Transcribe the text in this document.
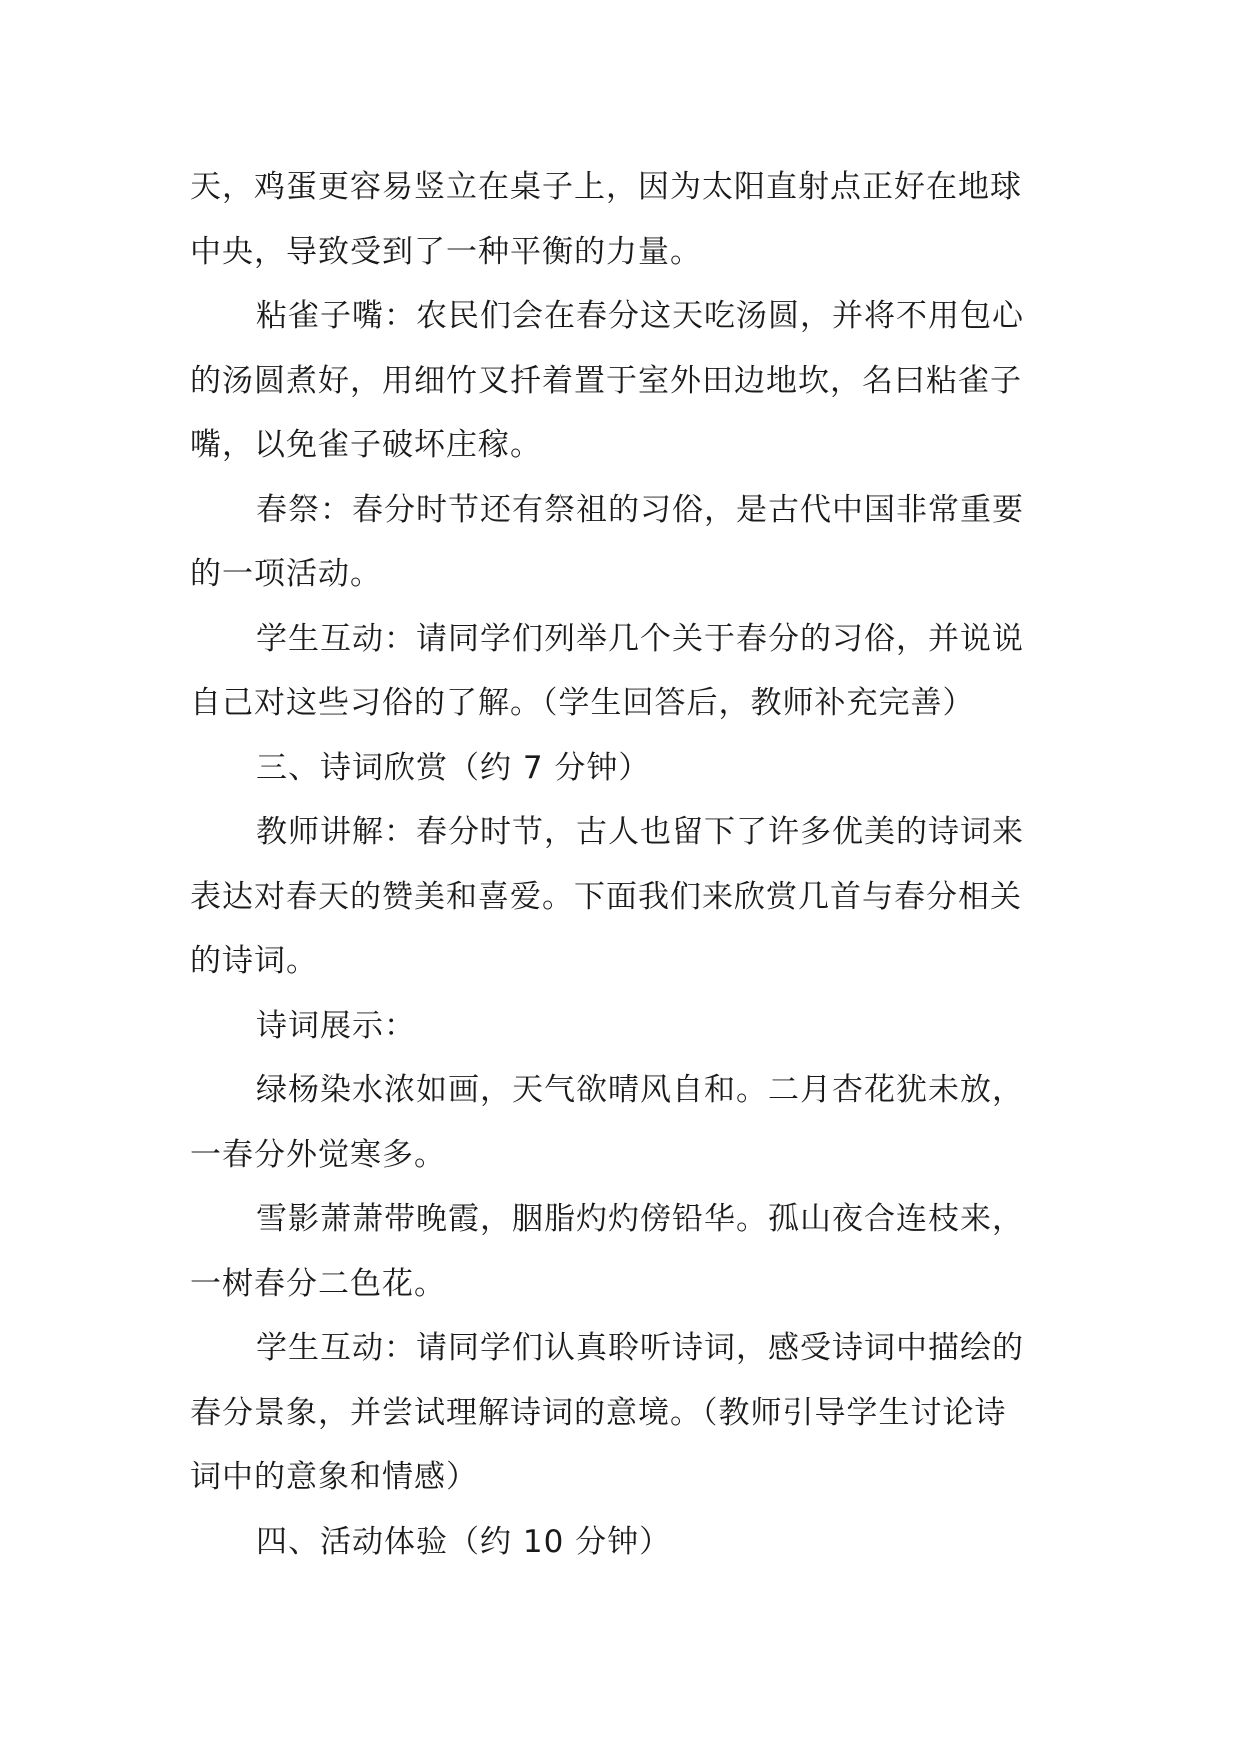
天，鸡蛋更容易竖立在桌子上，因为太阳直射点正好在地球
中央，导致受到了一种平衡的力量。
粘雀子嘴：农民们会在春分这天吃汤圆，并将不用包心
的汤圆煮好，用细竹叉扦着置于室外田边地坎，名曰粘雀子
嘴，以免雀子破坏庄稼。
春祭：春分时节还有祭祖的习俗，是古代中国非常重要
的一项活动。
学生互动：请同学们列举几个关于春分的习俗，并说说
自己对这些习俗的了解。（学生回答后，教师补充完善）
三、诗词欣赏（约 7 分钟）
教师讲解：春分时节，古人也留下了许多优美的诗词来
表达对春天的赞美和喜爱。下面我们来欣赏几首与春分相关
的诗词。
诗词展示：
绿杨染水浓如画，天气欲晴风自和。二月杏花犹未放，
一春分外觉寒多。
雪影萧萧带晚霞，胭脂灼灼傍铅华。孤山夜合连枝来，
一树春分二色花。
学生互动：请同学们认真聆听诗词，感受诗词中描绘的
春分景象，并尝试理解诗词的意境。（教师引导学生讨论诗
词中的意象和情感）
四、活动体验（约 10 分钟）
